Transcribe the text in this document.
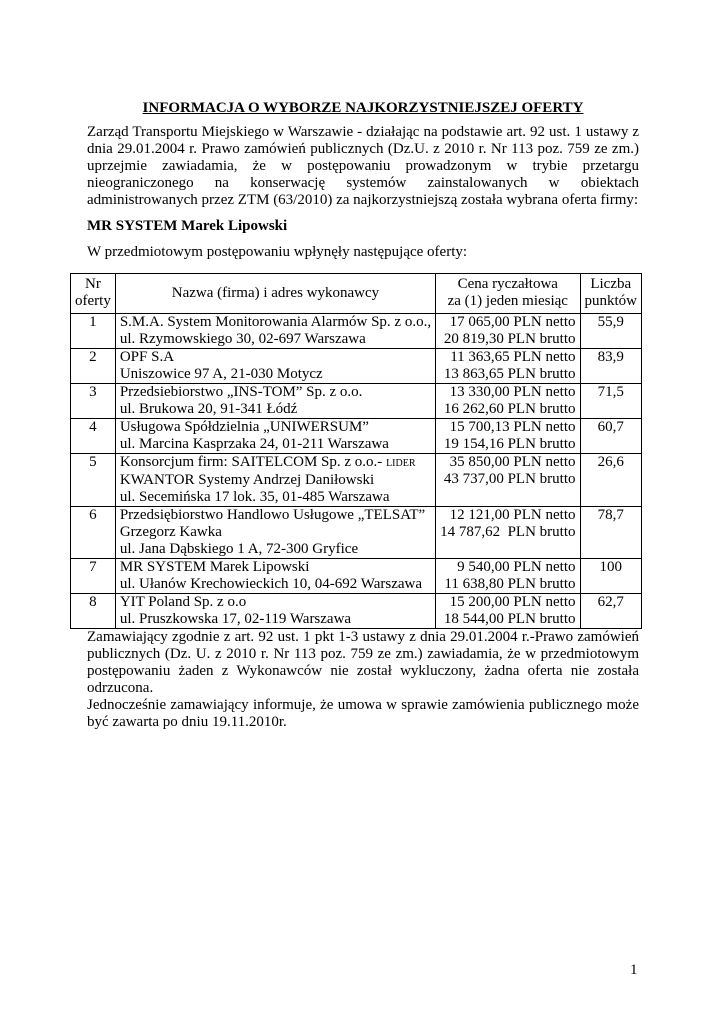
INFORMACJA O WYBORZE NAJKORZYSTNIEJSZEJ OFERTY

Zarząd Transportu Miejskiego w Warszawie - działając na podstawie art. 92 ust. 1 ustawy z dnia 29.01.2004 r. Prawo zamówień publicznych (Dz.U. z 2010 r. Nr 113 poz. 759 ze zm.) uprzejmie zawiadamia, że w postępowaniu prowadzonym w trybie przetargu nieograniczonego na konserwację systemów zainstalowanych w obiektach administrowanych przez ZTM (63/2010) za najkorzystniejszą została wybrana oferta firmy:

MR SYSTEM Marek Lipowski

W przedmiotowym postępowaniu wpłynęły następujące oferty:

Nr
oferty	Nazwa (firma) i adres wykonawcy	Cena ryczałtowa
za (1) jeden miesiąc	Liczba
punktów

1	S.M.A. System Monitorowania Alarmów Sp. z o.o.,
ul. Rzymowskiego 30, 02-697 Warszawa	17 065,00 PLN netto
20 819,30 PLN brutto	55,9
2	OPF S.A
Uniszowice 97 A, 21-030 Motycz	11 363,65 PLN netto
13 863,65 PLN brutto	83,9
3	Przedsiebiorstwo „INS-TOM” Sp. z o.o.
ul. Brukowa 20, 91-341 Łódź	13 330,00 PLN netto
16 262,60 PLN brutto	71,5
4	Usługowa Spółdzielnia „UNIWERSUM”
ul. Marcina Kasprzaka 24, 01-211 Warszawa	15 700,13 PLN netto
19 154,16 PLN brutto	60,7
5	Konsorcjum firm: SAITELCOM Sp. z o.o.- LIDER
KWANTOR Systemy Andrzej Daniłowski
ul. Secemińska 17 lok. 35, 01-485 Warszawa	35 850,00 PLN netto
43 737,00 PLN brutto	26,6
6	Przedsiębiorstwo Handlowo Usługowe „TELSAT”
Grzegorz Kawka
ul. Jana Dąbskiego 1 A, 72-300 Gryfice	12 121,00 PLN netto
14 787,62  PLN brutto	78,7
7	MR SYSTEM Marek Lipowski
ul. Ułanów Krechowieckich 10, 04-692 Warszawa	9 540,00 PLN netto
11 638,80 PLN brutto	100
8	YIT Poland Sp. z o.o
ul. Pruszkowska 17, 02-119 Warszawa	15 200,00 PLN netto
18 544,00 PLN brutto	62,7

Zamawiający zgodnie z art. 92 ust. 1 pkt 1-3 ustawy z dnia 29.01.2004 r.-Prawo zamówień publicznych (Dz. U. z 2010 r. Nr 113 poz. 759 ze zm.) zawiadamia, że w przedmiotowym postępowaniu żaden z Wykonawców nie został wykluczony, żadna oferta nie została odrzucona.

Jednocześnie zamawiający informuje, że umowa w sprawie zamówienia publicznego może być zawarta po dniu 19.11.2010r.

1
